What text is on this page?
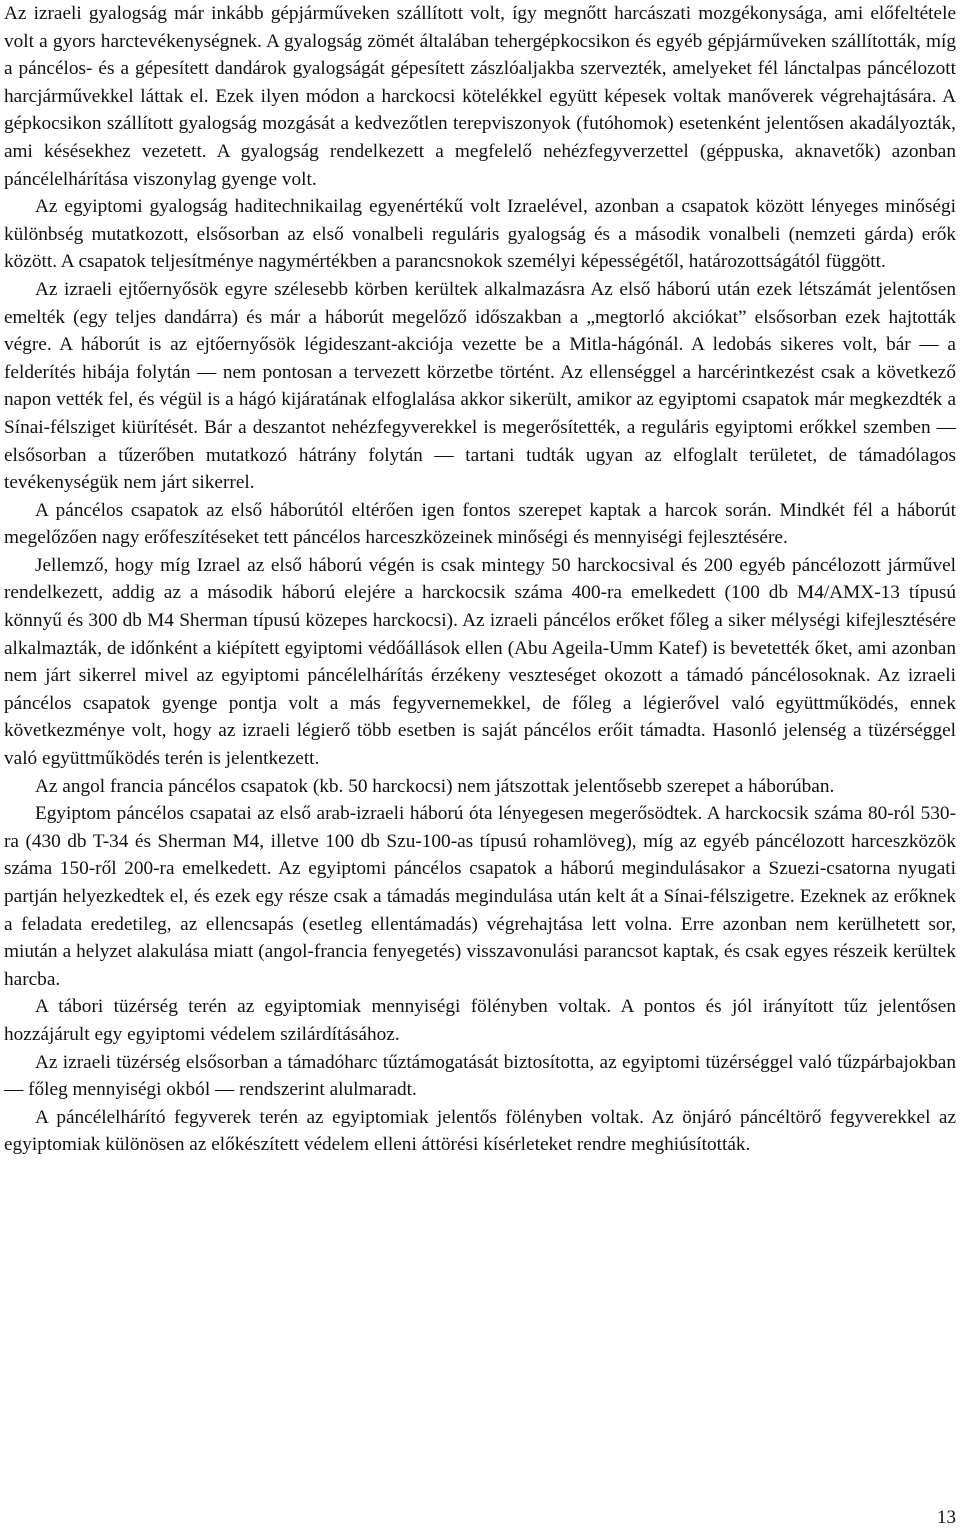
Az izraeli gyalogság már inkább gépjárműveken szállított volt, így megnőtt harcászati mozgékonysága, ami előfeltétele volt a gyors harctevékenységnek. A gyalogság zömét általában tehergépkocsikon és egyéb gépjárműveken szállították, míg a páncélos- és a gépesített dandárok gyalogságát gépesített zászlóaljakba szervezték, amelyeket fél lánctalpas páncélozott harcjárművekkel láttak el. Ezek ilyen módon a harckocsi kötelékkel együtt képesek voltak manőverek végrehajtására. A gépkocsikon szállított gyalogság mozgását a kedvezőtlen terepviszonyok (futóhomok) esetenként jelentősen akadályozták, ami késésekhez vezetett. A gyalogság rendelkezett a megfelelő nehézfegyverzettel (géppuska, aknavetők) azonban páncélelhárítása viszonylag gyenge volt.

Az egyiptomi gyalogság haditechnikailag egyenértékű volt Izraelével, azonban a csapatok között lényeges minőségi különbség mutatkozott, elsősorban az első vonalbeli reguláris gyalogság és a második vonalbeli (nemzeti gárda) erők között. A csapatok teljesítménye nagymértékben a parancsnokok személyi képességétől, határozottságától függött.

Az izraeli ejtőernyősök egyre szélesebb körben kerültek alkalmazásra Az első háború után ezek létszámát jelentősen emelték (egy teljes dandárra) és már a háborút megelőző időszakban a „megtorló akciókat” elsősorban ezek hajtották végre. A háborút is az ejtőernyősök légideszant-akciója vezette be a Mitla-hágónál. A ledobás sikeres volt, bár ― a felderítés hibája folytán ― nem pontosan a tervezett körzetbe történt. Az ellenséggel a harcérintkezést csak a következő napon vették fel, és végül is a hágó kijáratának elfoglalása akkor sikerült, amikor az egyiptomi csapatok már megkezdték a Sínai-félsziget kiürítését. Bár a deszantot nehézfegyverekkel is megerősítették, a reguláris egyiptomi erőkkel szemben ― elsősorban a tűzerőben mutatkozó hátrány folytán ― tartani tudták ugyan az elfoglalt területet, de támadólagos tevékenységük nem járt sikerrel.

A páncélos csapatok az első háborútól eltérően igen fontos szerepet kaptak a harcok során. Mindkét fél a háborút megelőzően nagy erőfeszítéseket tett páncélos harceszközeinek minőségi és mennyiségi fejlesztésére.

Jellemző, hogy míg Izrael az első háború végén is csak mintegy 50 harckocsival és 200 egyéb páncélozott járművel rendelkezett, addig az a második háború elejére a harckocsik száma 400-ra emelkedett (100 db M4/AMX-13 típusú könnyű és 300 db M4 Sherman típusú közepes harckocsi). Az izraeli páncélos erőket főleg a siker mélységi kifejlesztésére alkalmazták, de időnként a kiépített egyiptomi védőállások ellen (Abu Ageila-Umm Katef) is bevetették őket, ami azonban nem járt sikerrel mivel az egyiptomi páncélelhárítás érzékeny veszteséget okozott a támadó páncélosoknak. Az izraeli páncélos csapatok gyenge pontja volt a más fegyvernemekkel, de főleg a légierővel való együttműködés, ennek következménye volt, hogy az izraeli légierő több esetben is saját páncélos erőit támadta. Hasonló jelenség a tüzérséggel való együttműködés terén is jelentkezett.

Az angol francia páncélos csapatok (kb. 50 harckocsi) nem játszottak jelentősebb szerepet a háborúban.

Egyiptom páncélos csapatai az első arab-izraeli háború óta lényegesen megerősödtek. A harckocsik száma 80-ról 530-ra (430 db T-34 és Sherman M4, illetve 100 db Szu-100-as típusú rohamlöveg), míg az egyéb páncélozott harceszközök száma 150-ről 200-ra emelkedett. Az egyiptomi páncélos csapatok a háború megindulásakor a Szuezi-csatorna nyugati partján helyezkedtek el, és ezek egy része csak a támadás megindulása után kelt át a Sínai-félszigetre. Ezeknek az erőknek a feladata eredetileg, az ellencsapás (esetleg ellentámadás) végrehajtása lett volna. Erre azonban nem kerülhetett sor, miután a helyzet alakulása miatt (angol-francia fenyegetés) visszavonulási parancsot kaptak, és csak egyes részeik kerültek harcba.

A tábori tüzérség terén az egyiptomiak mennyiségi fölényben voltak. A pontos és jól irányított tűz jelentősen hozzájárult egy egyiptomi védelem szilárdításához.

Az izraeli tüzérség elsősorban a támadóharc tűztámogatását biztosította, az egyiptomi tüzérséggel való tűzpárbajokban ― főleg mennyiségi okból ― rendszerint alulmaradt.

A páncélelhárító fegyverek terén az egyiptomiak jelentős fölényben voltak. Az önjáró páncéltörő fegyverekkel az egyiptomiak különösen az előkészített védelem elleni áttörési kísérleteket rendre meghiúsították.

13
